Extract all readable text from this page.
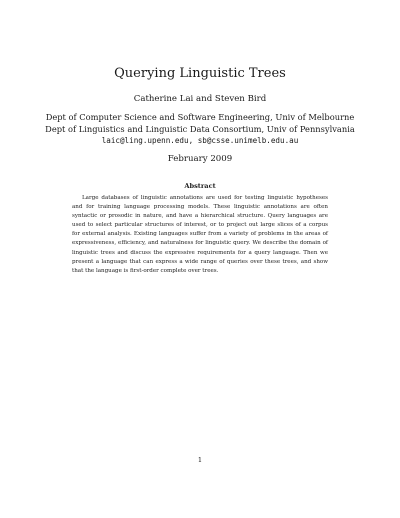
Querying Linguistic Trees
Catherine Lai and Steven Bird
Dept of Computer Science and Software Engineering, Univ of Melbourne
Dept of Linguistics and Linguistic Data Consortium, Univ of Pennsylvania
laic@ling.upenn.edu, sb@csse.unimelb.edu.au
February 2009
Abstract
Large databases of linguistic annotations are used for testing linguistic hypotheses and for training language processing models. These linguistic annotations are often syntactic or prosodic in nature, and have a hierarchical structure. Query languages are used to select particular structures of interest, or to project out large slices of a corpus for external analysis. Existing languages suffer from a variety of problems in the areas of expressiveness, efficiency, and naturalness for linguistic query. We describe the domain of linguistic trees and discuss the expressive requirements for a query language. Then we present a language that can express a wide range of queries over these trees, and show that the language is first-order complete over trees.
1
